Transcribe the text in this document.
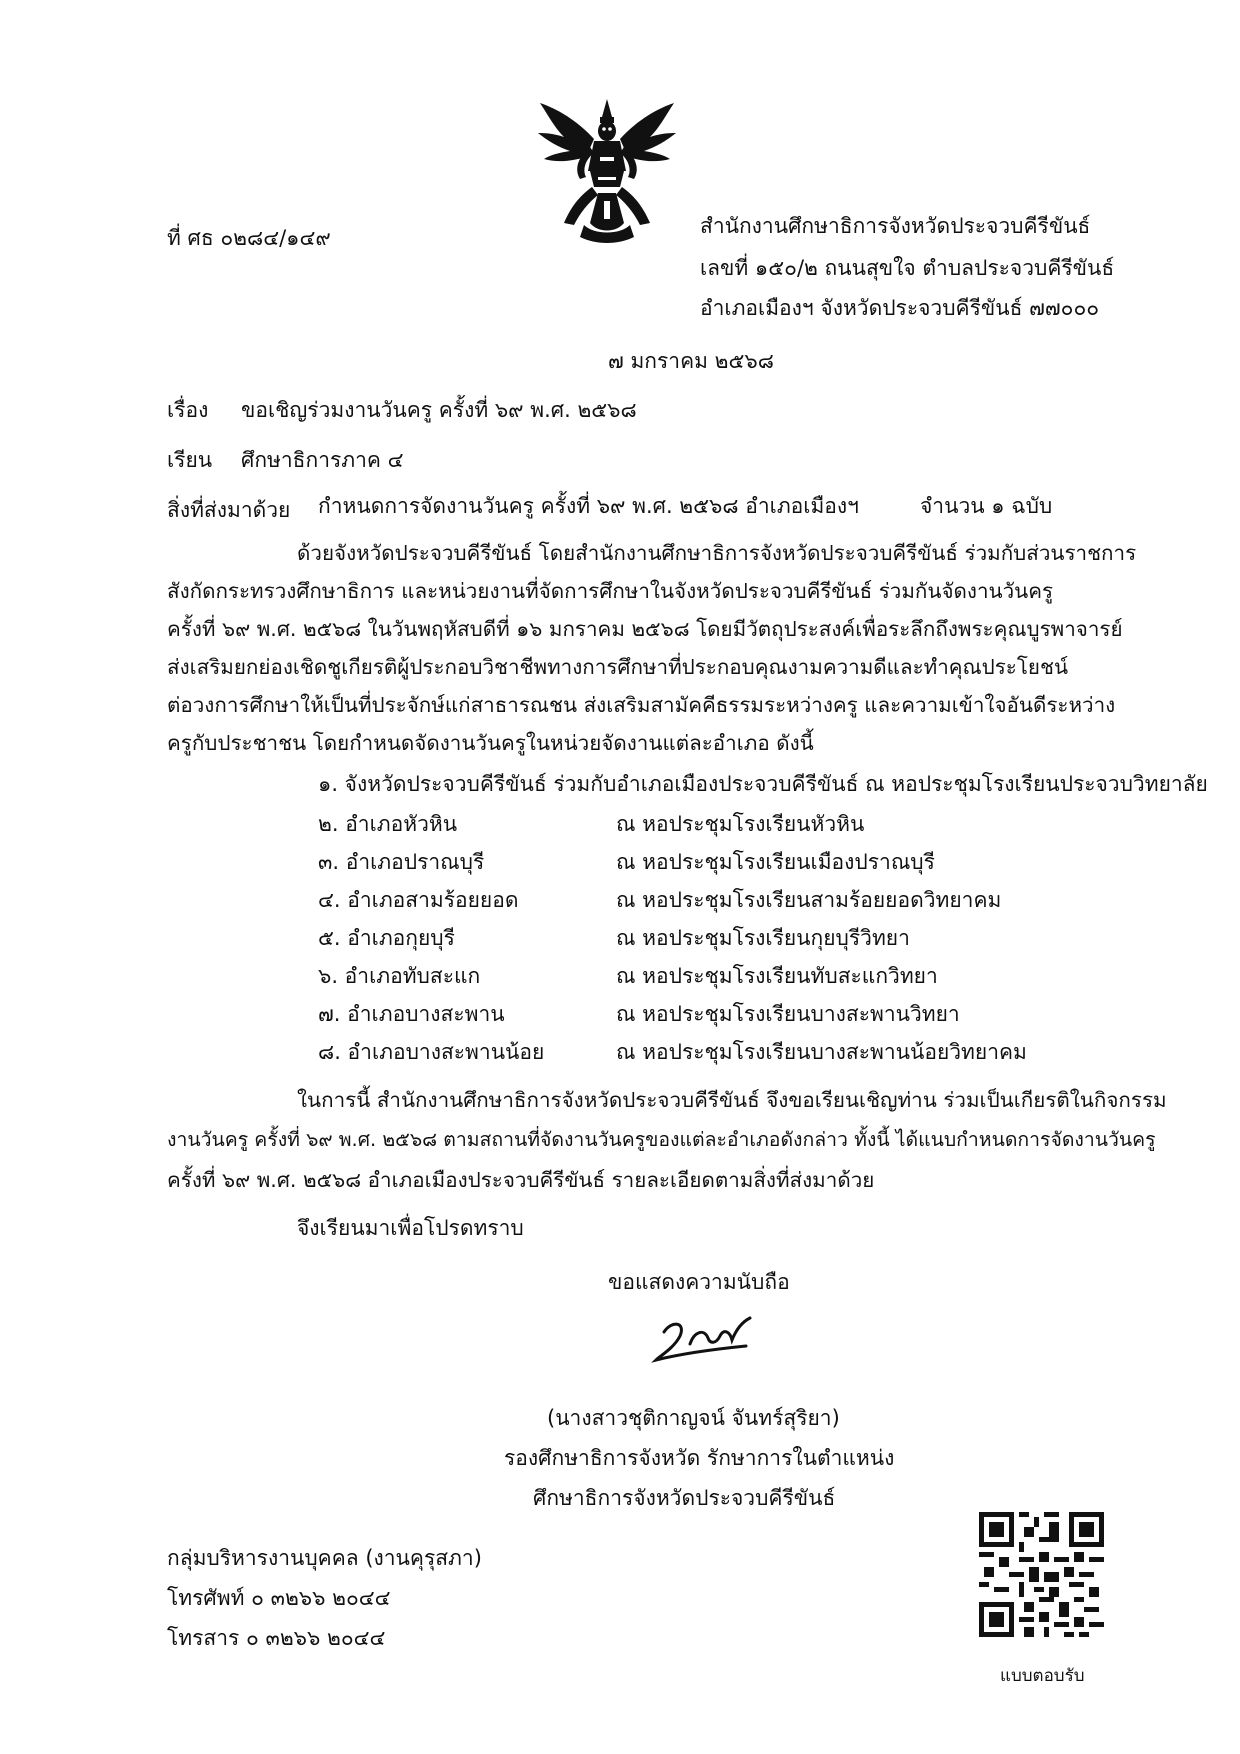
ที่ ศธ ๐๒๘๔/๑๔๙	สำนักงานศึกษาธิการจังหวัดประจวบคีรีขันธ์
เลขที่ ๑๕๐/๒ ถนนสุขใจ ตำบลประจวบคีรีขันธ์
อำเภอเมืองฯ จังหวัดประจวบคีรีขันธ์ ๗๗๐๐๐
๗ มกราคม ๒๕๖๘
เรื่อง ขอเชิญร่วมงานวันครู ครั้งที่ ๖๙ พ.ศ. ๒๕๖๘
เรียน ศึกษาธิการภาค ๔
สิ่งที่ส่งมาด้วย กำหนดการจัดงานวันครู ครั้งที่ ๖๙ พ.ศ. ๒๕๖๘ อำเภอเมืองฯ	จำนวน ๑ ฉบับ
ด้วยจังหวัดประจวบคีรีขันธ์ โดยสำนักงานศึกษาธิการจังหวัดประจวบคีรีขันธ์ ร่วมกับส่วนราชการ
สังกัดกระทรวงศึกษาธิการ และหน่วยงานที่จัดการศึกษาในจังหวัดประจวบคีรีขันธ์ ร่วมกันจัดงานวันครู
ครั้งที่ ๖๙ พ.ศ. ๒๕๖๘ ในวันพฤหัสบดีที่ ๑๖ มกราคม ๒๕๖๘ โดยมีวัตถุประสงค์เพื่อระลึกถึงพระคุณบูรพาจารย์
ส่งเสริมยกย่องเชิดชูเกียรติผู้ประกอบวิชาชีพทางการศึกษาที่ประกอบคุณงามความดีและทำคุณประโยชน์
ต่อวงการศึกษาให้เป็นที่ประจักษ์แก่สาธารณชน ส่งเสริมสามัคคีธรรมระหว่างครู และความเข้าใจอันดีระหว่าง
ครูกับประชาชน โดยกำหนดจัดงานวันครูในหน่วยจัดงานแต่ละอำเภอ ดังนี้
๑. จังหวัดประจวบคีรีขันธ์ ร่วมกับอำเภอเมืองประจวบคีรีขันธ์ ณ หอประชุมโรงเรียนประจวบวิทยาลัย
๒. อำเภอหัวหิน	ณ หอประชุมโรงเรียนหัวหิน
๓. อำเภอปราณบุรี	ณ หอประชุมโรงเรียนเมืองปราณบุรี
๔. อำเภอสามร้อยยอด	ณ หอประชุมโรงเรียนสามร้อยยอดวิทยาคม
๕. อำเภอกุยบุรี	ณ หอประชุมโรงเรียนกุยบุรีวิทยา
๖. อำเภอทับสะแก	ณ หอประชุมโรงเรียนทับสะแกวิทยา
๗. อำเภอบางสะพาน	ณ หอประชุมโรงเรียนบางสะพานวิทยา
๘. อำเภอบางสะพานน้อย	ณ หอประชุมโรงเรียนบางสะพานน้อยวิทยาคม
ในการนี้ สำนักงานศึกษาธิการจังหวัดประจวบคีรีขันธ์ จึงขอเรียนเชิญท่าน ร่วมเป็นเกียรติในกิจกรรม
งานวันครู ครั้งที่ ๖๙ พ.ศ. ๒๕๖๘ ตามสถานที่จัดงานวันครูของแต่ละอำเภอดังกล่าว ทั้งนี้ ได้แนบกำหนดการจัดงานวันครู
ครั้งที่ ๖๙ พ.ศ. ๒๕๖๘ อำเภอเมืองประจวบคีรีขันธ์ รายละเอียดตามสิ่งที่ส่งมาด้วย
จึงเรียนมาเพื่อโปรดทราบ
ขอแสดงความนับถือ
(นางสาวชุติกาญจน์ จันทร์สุริยา)
รองศึกษาธิการจังหวัด รักษาการในตำแหน่ง
ศึกษาธิการจังหวัดประจวบคีรีขันธ์
กลุ่มบริหารงานบุคคล (งานคุรุสภา)
โทรศัพท์ ๐ ๓๒๖๖ ๒๐๔๔
โทรสาร ๐ ๓๒๖๖ ๒๐๔๔
แบบตอบรับ
